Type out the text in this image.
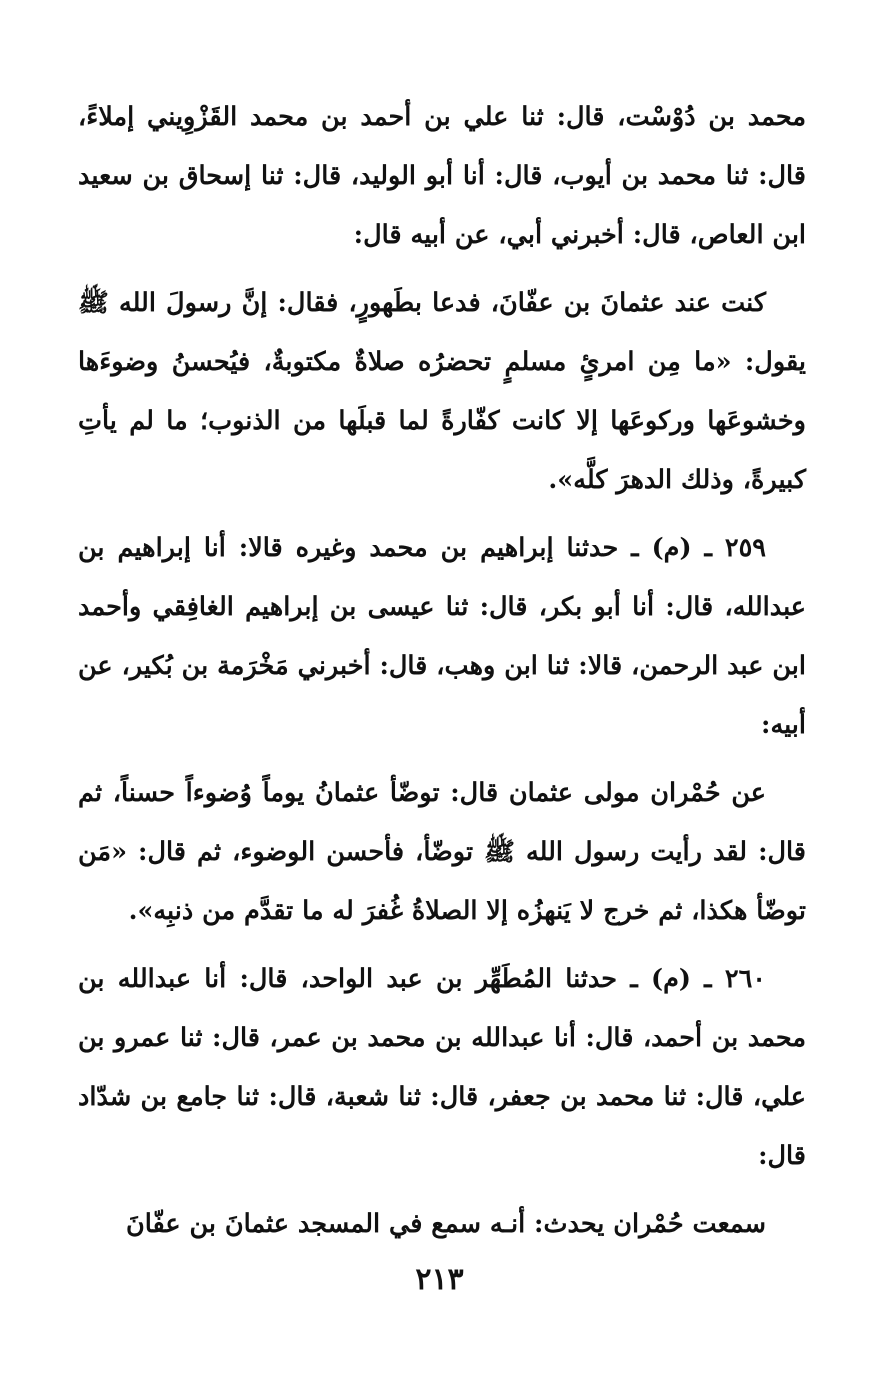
محمد بن دُوْسْت، قال: ثنا علي بن أحمد بن محمد القَزْوِيني إملاءً، قال: ثنا محمد بن أيوب، قال: أنا أبو الوليد، قال: ثنا إسحاق بن سعيد ابن العاص، قال: أخبرني أبي، عن أبيه قال:

كنت عند عثمانَ بن عفّانَ، فدعا بطَهورٍ، فقال: إنَّ رسولَ الله ﷺ يقول: «ما مِن امرئٍ مسلمٍ تحضرُه صلاةٌ مكتوبةٌ، فيُحسنُ وضوءَها وخشوعَها وركوعَها إلا كانت كفّارةً لما قبلَها من الذنوب؛ ما لم يأتِ كبيرةً، وذلك الدهرَ كلَّه».

٢٥٩ ـ (م) ـ حدثنا إبراهيم بن محمد وغيره قالا: أنا إبراهيم بن عبدالله، قال: أنا أبو بكر، قال: ثنا عيسى بن إبراهيم الغافِقي وأحمد ابن عبد الرحمن، قالا: ثنا ابن وهب، قال: أخبرني مَخْرَمة بن بُكير، عن أبيه:

عن حُمْران مولى عثمان قال: توضّأ عثمانُ يوماً وُضوءاً حسناً، ثم قال: لقد رأيت رسول الله ﷺ توضّأ، فأحسن الوضوء، ثم قال: «مَن توضّأ هكذا، ثم خرج لا يَنهزُه إلا الصلاةُ غُفرَ له ما تقدَّم من ذنبِه».

٢٦٠ ـ (م) ـ حدثنا المُطَهِّر بن عبد الواحد، قال: أنا عبدالله بن محمد بن أحمد، قال: أنا عبدالله بن محمد بن عمر، قال: ثنا عمرو بن علي، قال: ثنا محمد بن جعفر، قال: ثنا شعبة، قال: ثنا جامع بن شدّاد قال:

سمعت حُمْران يحدث: أنـه سمع في المسجد عثمانَ بن عفّانَ

٢١٣
